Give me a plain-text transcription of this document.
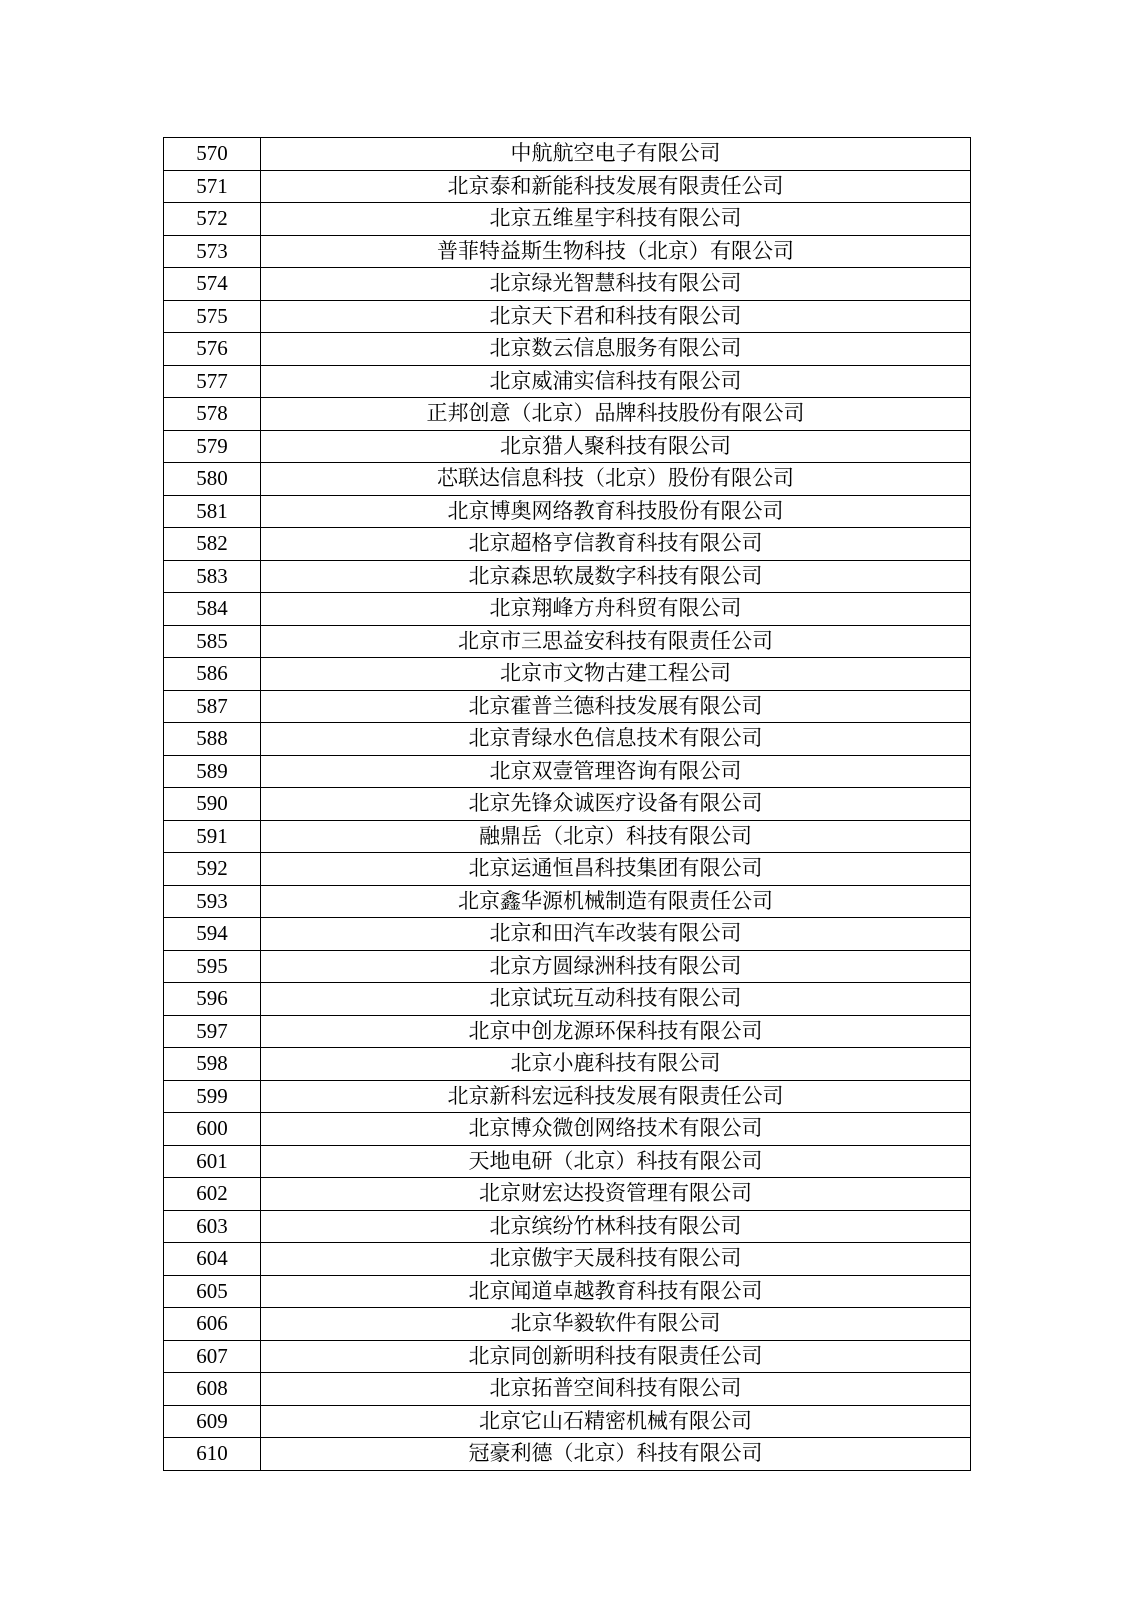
570	中航航空电子有限公司
571	北京泰和新能科技发展有限责任公司
572	北京五维星宇科技有限公司
573	普菲特益斯生物科技（北京）有限公司
574	北京绿光智慧科技有限公司
575	北京天下君和科技有限公司
576	北京数云信息服务有限公司
577	北京威浦实信科技有限公司
578	正邦创意（北京）品牌科技股份有限公司
579	北京猎人聚科技有限公司
580	芯联达信息科技（北京）股份有限公司
581	北京博奥网络教育科技股份有限公司
582	北京超格亨信教育科技有限公司
583	北京森思软晟数字科技有限公司
584	北京翔峰方舟科贸有限公司
585	北京市三思益安科技有限责任公司
586	北京市文物古建工程公司
587	北京霍普兰德科技发展有限公司
588	北京青绿水色信息技术有限公司
589	北京双壹管理咨询有限公司
590	北京先锋众诚医疗设备有限公司
591	融鼎岳（北京）科技有限公司
592	北京运通恒昌科技集团有限公司
593	北京鑫华源机械制造有限责任公司
594	北京和田汽车改装有限公司
595	北京方圆绿洲科技有限公司
596	北京试玩互动科技有限公司
597	北京中创龙源环保科技有限公司
598	北京小鹿科技有限公司
599	北京新科宏远科技发展有限责任公司
600	北京博众微创网络技术有限公司
601	天地电研（北京）科技有限公司
602	北京财宏达投资管理有限公司
603	北京缤纷竹林科技有限公司
604	北京傲宇天晟科技有限公司
605	北京闻道卓越教育科技有限公司
606	北京华毅软件有限公司
607	北京同创新明科技有限责任公司
608	北京拓普空间科技有限公司
609	北京它山石精密机械有限公司
610	冠豪利德（北京）科技有限公司
